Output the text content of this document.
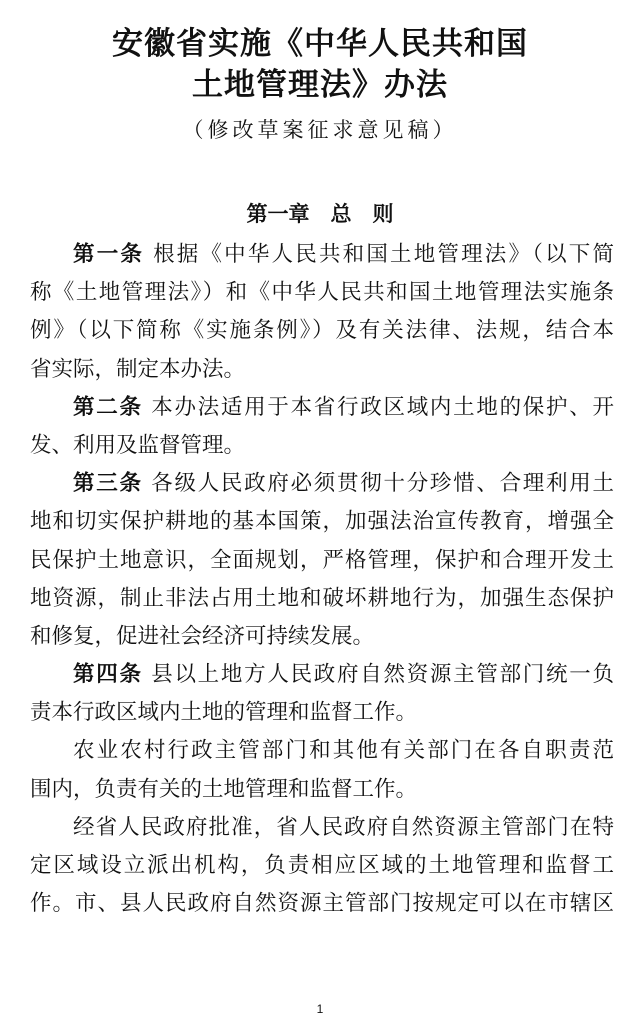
安徽省实施《中华人民共和国
土地管理法》办法

（修改草案征求意见稿）

第一章　总　则
第一条 根据《中华人民共和国土地管理法》（以下简
称《土地管理法》）和《中华人民共和国土地管理法实施条
例》（以下简称《实施条例》）及有关法律、法规，结合本
省实际，制定本办法。
第二条 本办法适用于本省行政区域内土地的保护、开
发、利用及监督管理。
第三条 各级人民政府必须贯彻十分珍惜、合理利用土
地和切实保护耕地的基本国策，加强法治宣传教育，增强全
民保护土地意识，全面规划，严格管理，保护和合理开发土
地资源，制止非法占用土地和破坏耕地行为，加强生态保护
和修复，促进社会经济可持续发展。
第四条 县以上地方人民政府自然资源主管部门统一负
责本行政区域内土地的管理和监督工作。
农业农村行政主管部门和其他有关部门在各自职责范
围内，负责有关的土地管理和监督工作。
经省人民政府批准，省人民政府自然资源主管部门在特
定区域设立派出机构，负责相应区域的土地管理和监督工
作。市、县人民政府自然资源主管部门按规定可以在市辖区
1
